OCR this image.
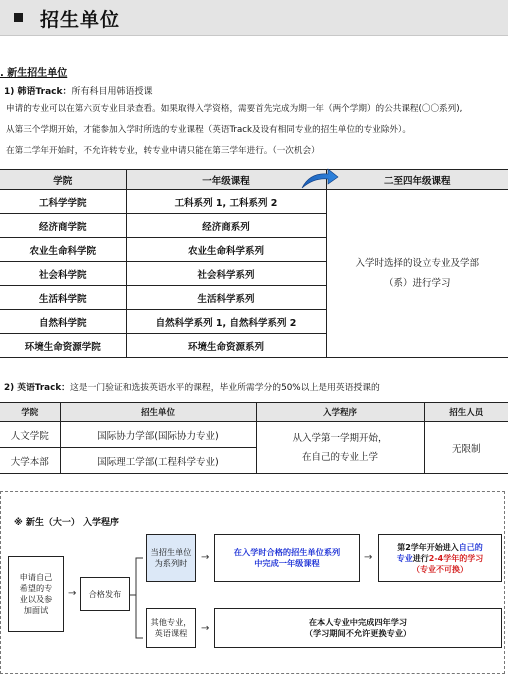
招生单位
. 新生招生单位
1) 韩语Track：所有科目用韩语授课
申请的专业可以在第六页专业目录查看。如果取得入学资格，需要首先完成为期一年（两个学期）的公共课程(〇〇系列),
从第三个学期开始，才能参加入学时所选的专业课程（英语Track及设有相同专业的招生单位的专业除外）。
在第二学年开始时，不允许转专业，转专业申请只能在第三学年进行。（一次机会）
学院	一年级课程	二至四年级课程
工科学学院	工科系列 1, 工科系列 2	入学时选择的设立专业及学部
（系）进行学习

经济商学院	经济商系列	
农业生命科学院	农业生命科学系列	
社会科学院	社会科学系列	
生活科学院	生活科学系列	
自然科学院	自然科学系列 1, 自然科学系列 2	
环境生命资源学院	环境生命资源系列	
2) 英语Track：这是一门验证和选拔英语水平的课程，毕业所需学分的50%以上是用英语授课的
学院	招生单位	入学程序	招生人员
人文学院	国际协力学部(国际协力专业)	从入学第一学期开始，
在自己的专业上学	无限制
大学本部	国际理工学部(工程科学专业)		
※ 新生（大一） 入学程序
申请自己
希望的专
业以及参
加面试
→	合格发布
当招生单位
为系列时 →	在入学时合格的招生单位系列
中完成一年级课程	→
第2学年开始进入自己的
专业进行2-4学年的学习
（专业不可换）
其他专业，
英语课程 →
在本人专业中完成四年学习
（学习期间不允许更换专业）
